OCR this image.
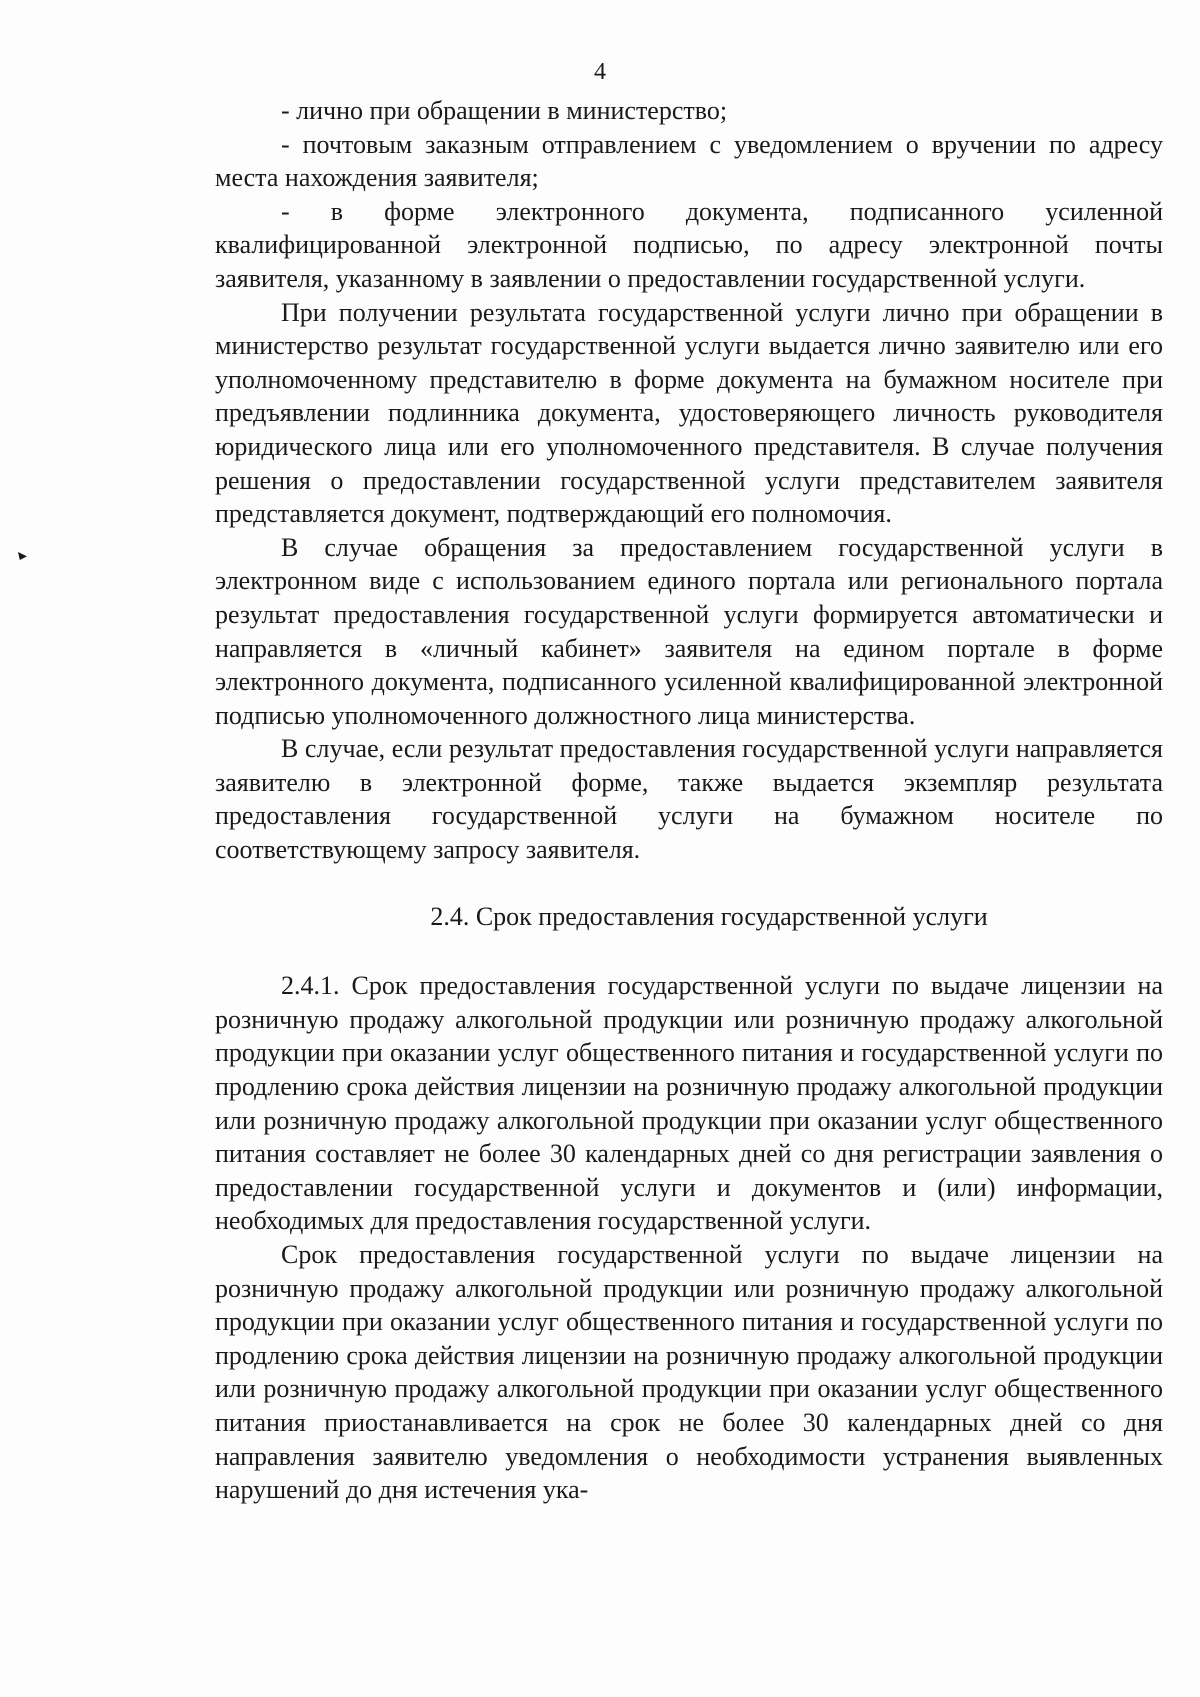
4

- лично при обращении в министерство;

- почтовым заказным отправлением с уведомлением о вручении по адресу места нахождения заявителя;

- в форме электронного документа, подписанного усиленной квалифицированной электронной подписью, по адресу электронной почты заявителя, указанному в заявлении о предоставлении государственной услуги.

При получении результата государственной услуги лично при обращении в министерство результат государственной услуги выдается лично заявителю или его уполномоченному представителю в форме документа на бумажном носителе при предъявлении подлинника документа, удостоверяющего личность руководителя юридического лица или его уполномоченного представителя. В случае получения решения о предоставлении государственной услуги представителем заявителя представляется документ, подтверждающий его полномочия.

В случае обращения за предоставлением государственной услуги в электронном виде с использованием единого портала или регионального портала результат предоставления государственной услуги формируется автоматически и направляется в «личный кабинет» заявителя на едином портале в форме электронного документа, подписанного усиленной квалифицированной электронной подписью уполномоченного должностного лица министерства.

В случае, если результат предоставления государственной услуги направляется заявителю в электронной форме, также выдается экземпляр результата предоставления государственной услуги на бумажном носителе по соответствующему запросу заявителя.

2.4. Срок предоставления государственной услуги

2.4.1. Срок предоставления государственной услуги по выдаче лицензии на розничную продажу алкогольной продукции или розничную продажу алкогольной продукции при оказании услуг общественного питания и государственной услуги по продлению срока действия лицензии на розничную продажу алкогольной продукции или розничную продажу алкогольной продукции при оказании услуг общественного питания составляет не более 30 календарных дней со дня регистрации заявления о предоставлении государственной услуги и документов и (или) информации, необходимых для предоставления государственной услуги.

Срок предоставления государственной услуги по выдаче лицензии на розничную продажу алкогольной продукции или розничную продажу алкогольной продукции при оказании услуг общественного питания и государственной услуги по продлению срока действия лицензии на розничную продажу алкогольной продукции или розничную продажу алкогольной продукции при оказании услуг общественного питания приостанавливается на срок не более 30 календарных дней со дня направления заявителю уведомления о необходимости устранения выявленных нарушений до дня истечения ука-
